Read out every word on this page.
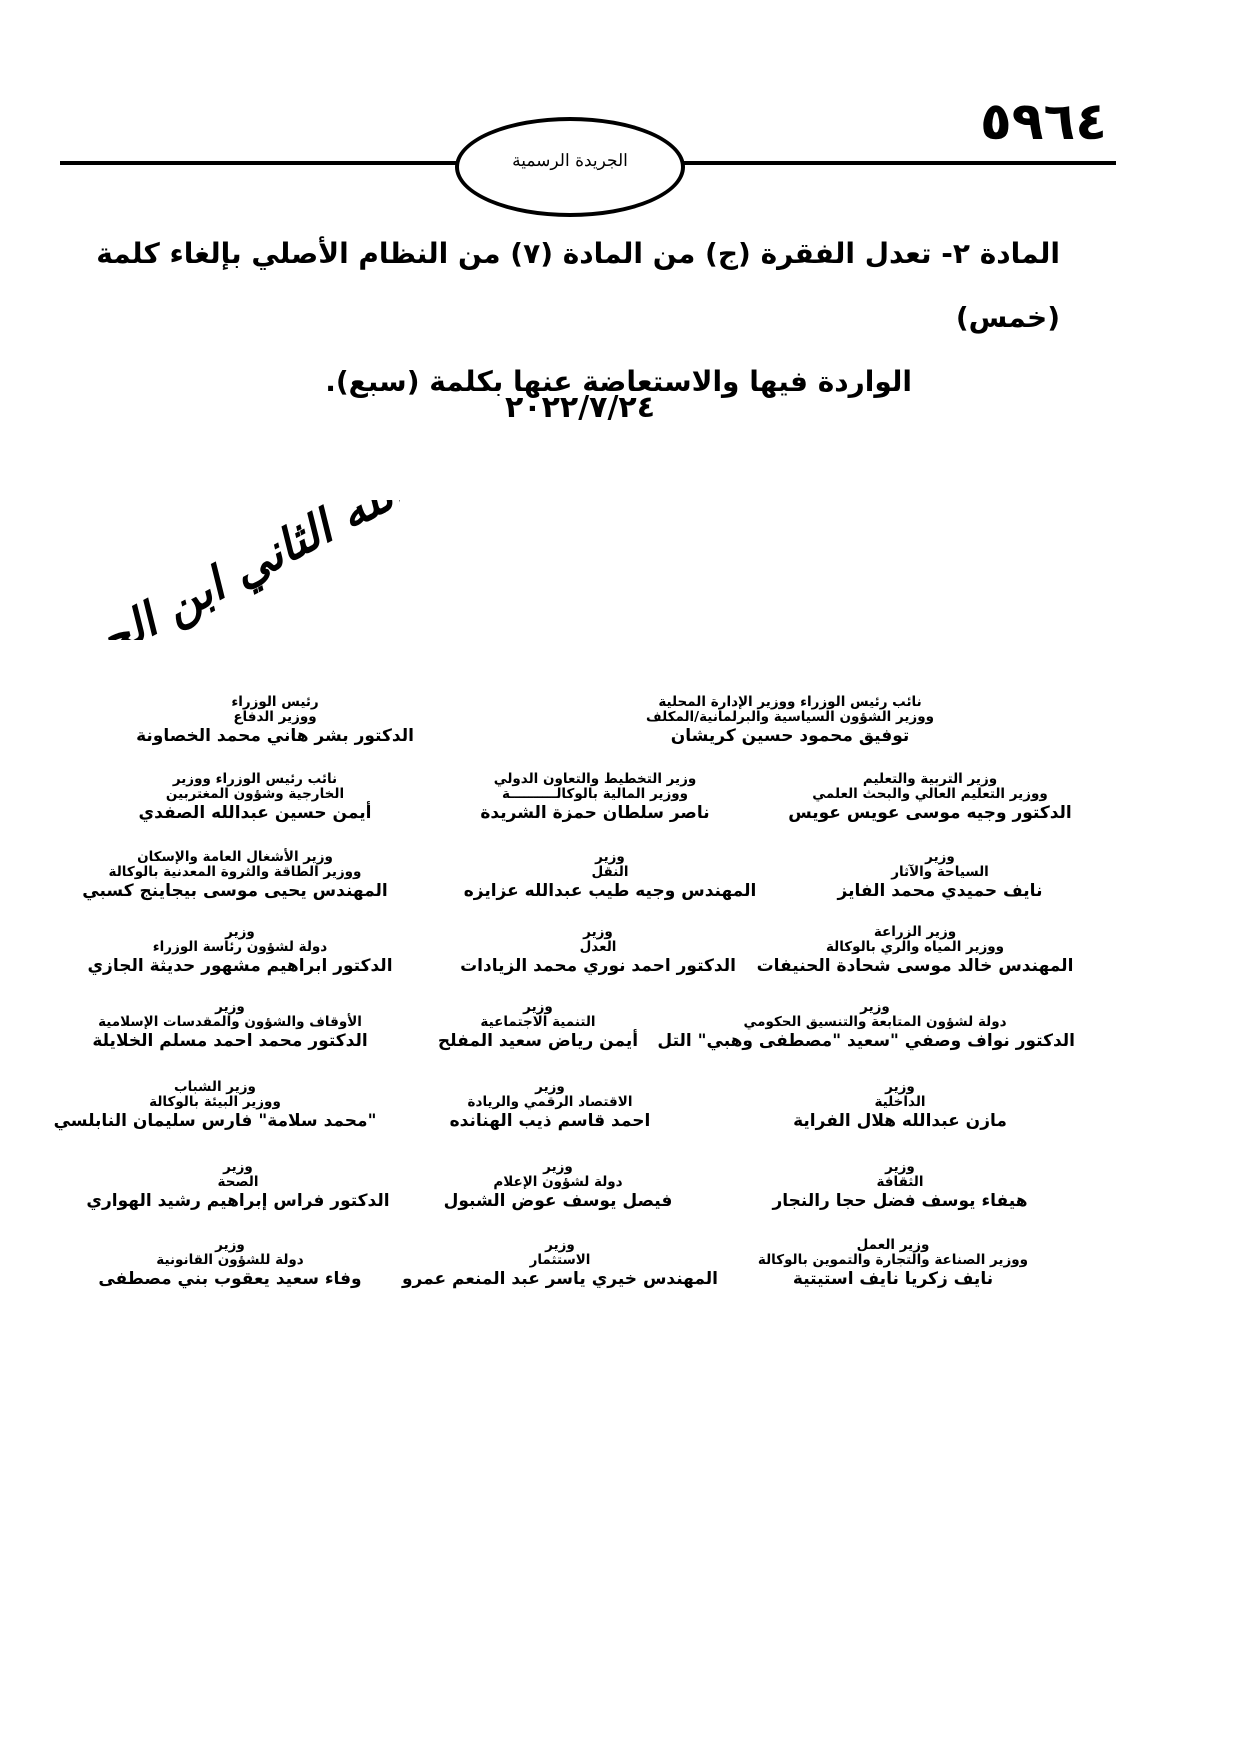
٥٩٦٤
الجريدة الرسمية
المادة ٢- تعدل الفقرة (ج) من المادة (٧) من النظام الأصلي بإلغاء كلمة (خمس)
الواردة فيها والاستعاضة عنها بكلمة (سبع).
٢٠٢٢/٧/٢٤
نائب رئيس الوزراء ووزير الإدارة المحلية
ووزير الشؤون السياسية والبرلمانية/المكلف
توفيق محمود حسين كريشان
رئيس الوزراء
ووزير الدفاع
الدكتور بشر هاني محمد الخصاونة
وزير التربية والتعليم
ووزير التعليم العالي والبحث العلمي
الدكتور وجيه موسى عويس عويس
وزير التخطيط والتعاون الدولي
ووزير المالية بالوكالــــــــــة
ناصر سلطان حمزة الشريدة
نائب رئيس الوزراء ووزير
الخارجية وشؤون المغتربين
أيمن حسين عبدالله الصفدي
وزير
السياحة والآثار
نايف حميدي محمد الفايز
وزير
النقل
المهندس وجيه طيب عبدالله عزايزه
وزير الأشغال العامة والإسكان
ووزير الطاقة والثروة المعدنية بالوكالة
المهندس يحيى موسى بيجاينج كسبي
وزير الزراعة
ووزير المياه والري بالوكالة
المهندس خالد موسى شحادة الحنيفات
وزير
العدل
الدكتور احمد نوري محمد الزيادات
وزير
دولة لشؤون رئاسة الوزراء
الدكتور ابراهيم مشهور حديثة الجازي
وزير
دولة لشؤون المتابعة والتنسيق الحكومي
الدكتور نواف وصفي "سعيد "مصطفى وهبي" التل
وزير
التنمية الاجتماعية
أيمن رياض سعيد المفلح
وزير
الأوقاف والشؤون والمقدسات الإسلامية
الدكتور محمد احمد مسلم الخلايلة
وزير
الداخلية
مازن عبدالله هلال الفراية
وزير
الاقتصاد الرقمي والريادة
احمد قاسم ذيب الهنانده
وزير الشباب
ووزير البيئة بالوكالة
"محمد سلامة" فارس سليمان النابلسي
وزير
الثقافة
هيفاء يوسف فضل حجا رالنجار
وزير
دولة لشؤون الإعلام
فيصل يوسف عوض الشبول
وزير
الصحة
الدكتور فراس إبراهيم رشيد الهواري
وزير العمل
ووزير الصناعة والتجارة والتموين بالوكالة
نايف زكريا نايف استيتية
وزير
الاستثمار
المهندس خيري ياسر عبد المنعم عمرو
وزير
دولة للشؤون القانونية
وفاء سعيد يعقوب بني مصطفى
